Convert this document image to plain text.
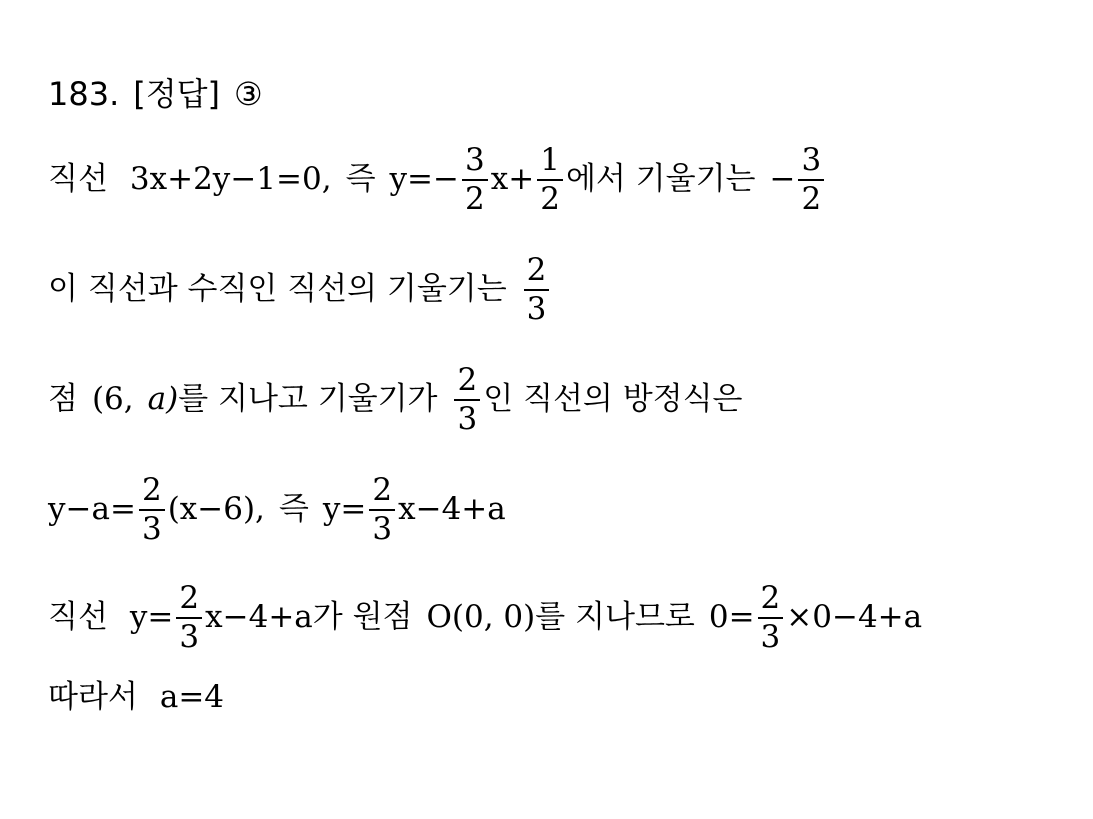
183. [정답] ③
직선 3x+2y−1=0, 즉 $y=- \frac{3}{2} x+ \frac{1}{2}$ 에서 기울기는 − $\frac{3}{2}$
이 직선과 수직인 직선의 기울기는 $\frac{2}{3}$
점 (6, a) 를 지나고 기울기가 $\frac{2}{3}$ 인 직선의 방정식은
$y-a= \frac{2}{3} (x-6)$, 즉 $y= \frac{2}{3} x-4+a$
직선 $y= \frac{2}{3} x-4+a$ 가 원점 O(0, 0) 를 지나므로 $0= \frac{2}{3} \times 0-4+a$
따라서 a=4
